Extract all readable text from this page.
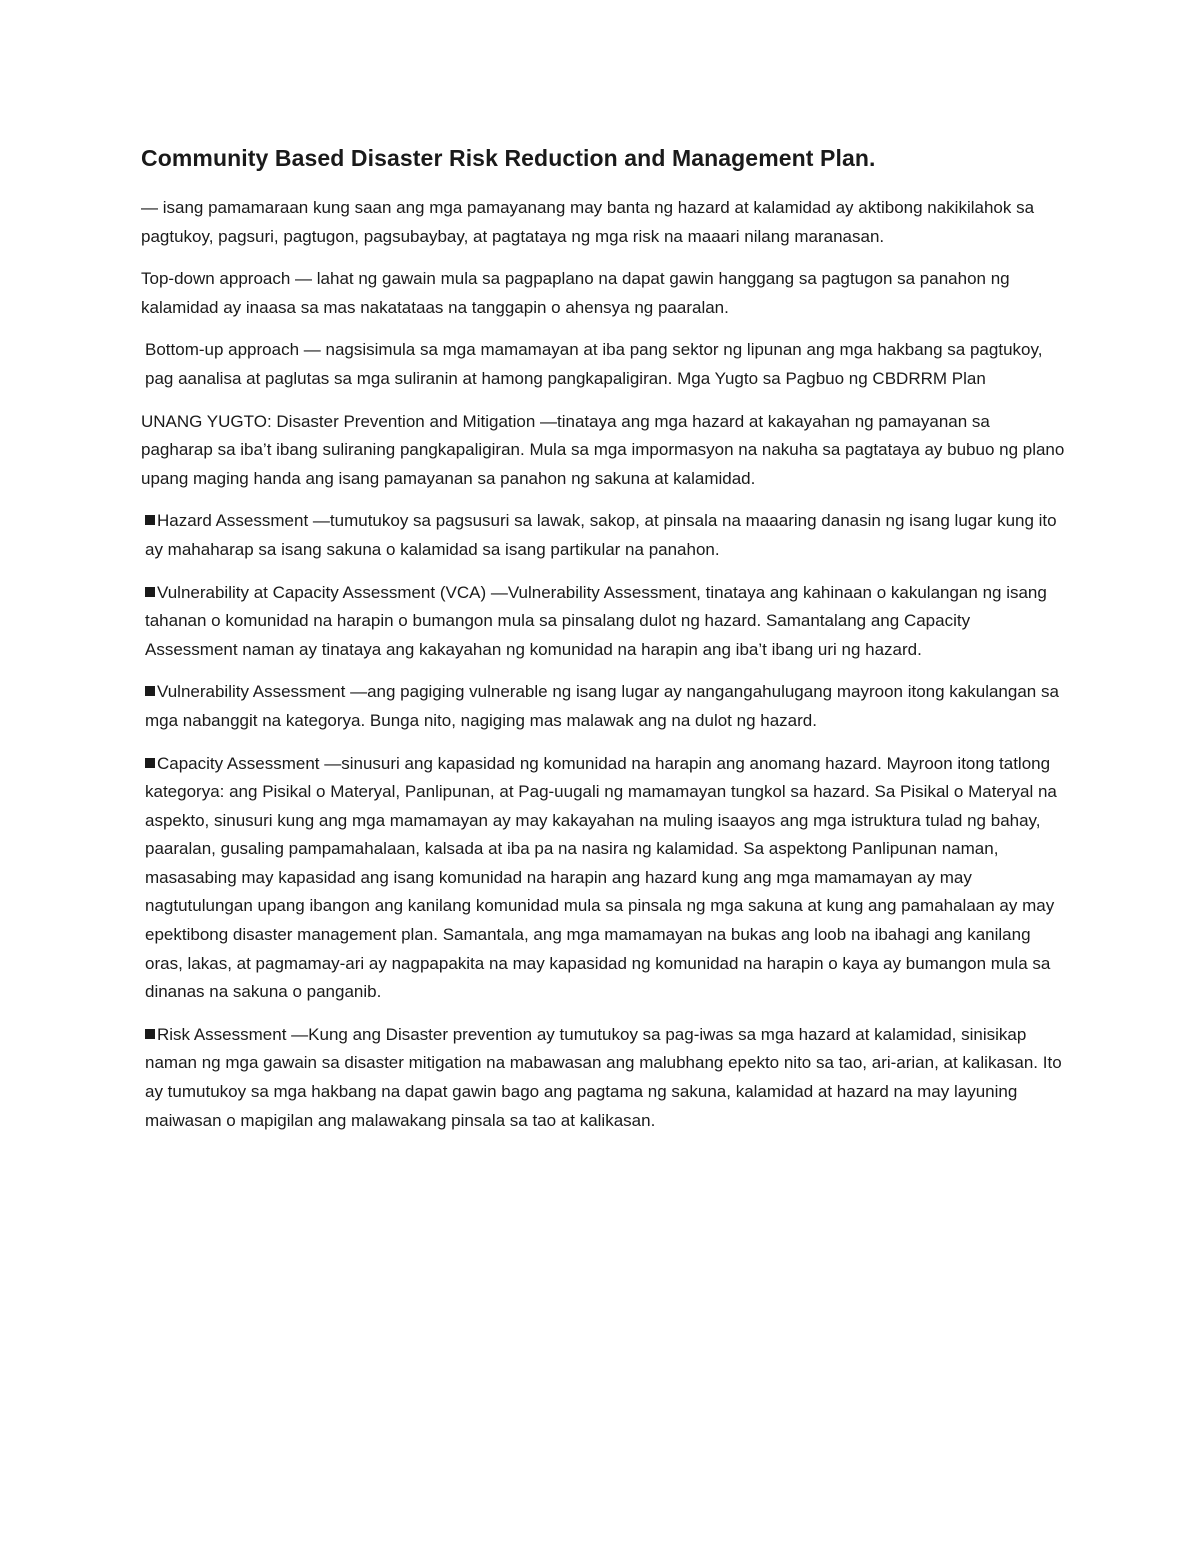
Community Based Disaster Risk Reduction and Management Plan.

— isang pamamaraan kung saan ang mga pamayanang may banta ng hazard at kalamidad ay aktibong nakikilahok sa pagtukoy, pagsuri, pagtugon, pagsubaybay, at pagtataya ng mga risk na maaari nilang maranasan.

Top-down approach — lahat ng gawain mula sa pagpaplano na dapat gawin hanggang sa pagtugon sa panahon ng kalamidad ay inaasa sa mas nakatataas na tanggapin o ahensya ng paaralan.

Bottom-up approach — nagsisimula sa mga mamamayan at iba pang sektor ng lipunan ang mga hakbang sa pagtukoy, pag aanalisa at paglutas sa mga suliranin at hamong pangkapaligiran. Mga Yugto sa Pagbuo ng CBDRRM Plan

UNANG YUGTO: Disaster Prevention and Mitigation —tinataya ang mga hazard at kakayahan ng pamayanan sa pagharap sa iba’t ibang suliraning pangkapaligiran. Mula sa mga impormasyon na nakuha sa pagtataya ay bubuo ng plano upang maging handa ang isang pamayanan sa panahon ng sakuna at kalamidad.

Hazard Assessment —tumutukoy sa pagsusuri sa lawak, sakop, at pinsala na maaaring danasin ng isang lugar kung ito ay mahaharap sa isang sakuna o kalamidad sa isang partikular na panahon.

Vulnerability at Capacity Assessment (VCA) —Vulnerability Assessment, tinataya ang kahinaan o kakulangan ng isang tahanan o komunidad na harapin o bumangon mula sa pinsalang dulot ng hazard. Samantalang ang Capacity Assessment naman ay tinataya ang kakayahan ng komunidad na harapin ang iba’t ibang uri ng hazard.

Vulnerability Assessment —ang pagiging vulnerable ng isang lugar ay nangangahulugang mayroon itong kakulangan sa mga nabanggit na kategorya. Bunga nito, nagiging mas malawak ang na dulot ng hazard.

Capacity Assessment —sinusuri ang kapasidad ng komunidad na harapin ang anomang hazard. Mayroon itong tatlong kategorya: ang Pisikal o Materyal, Panlipunan, at Pag-uugali ng mamamayan tungkol sa hazard. Sa Pisikal o Materyal na aspekto, sinusuri kung ang mga mamamayan ay may kakayahan na muling isaayos ang mga istruktura tulad ng bahay, paaralan, gusaling pampamahalaan, kalsada at iba pa na nasira ng kalamidad. Sa aspektong Panlipunan naman, masasabing may kapasidad ang isang komunidad na harapin ang hazard kung ang mga mamamayan ay may nagtutulungan upang ibangon ang kanilang komunidad mula sa pinsala ng mga sakuna at kung ang pamahalaan ay may epektibong disaster management plan. Samantala, ang mga mamamayan na bukas ang loob na ibahagi ang kanilang oras, lakas, at pagmamay-ari ay nagpapakita na may kapasidad ng komunidad na harapin o kaya ay bumangon mula sa dinanas na sakuna o panganib.

Risk Assessment —Kung ang Disaster prevention ay tumutukoy sa pag-iwas sa mga hazard at kalamidad, sinisikap naman ng mga gawain sa disaster mitigation na mabawasan ang malubhang epekto nito sa tao, ari-arian, at kalikasan. Ito ay tumutukoy sa mga hakbang na dapat gawin bago ang pagtama ng sakuna, kalamidad at hazard na may layuning maiwasan o mapigilan ang malawakang pinsala sa tao at kalikasan.
